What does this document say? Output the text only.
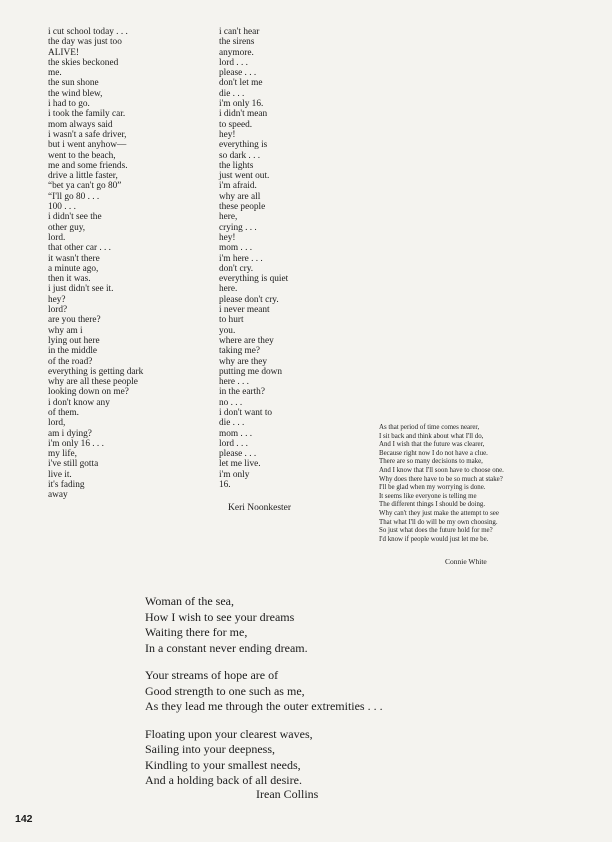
i cut school today . . .
the day was just too
ALIVE!
the skies beckoned
me.
the sun shone
the wind blew,
i had to go.
i took the family car.
mom always said
i wasn't a safe driver,
but i went anyhow—
went to the beach,
me and some friends.
drive a little faster,
“bet ya can't go 80”
“I'll go 80 . . .
100 . . .
i didn't see the
other guy,
lord.
that other car . . .
it wasn't there
a minute ago,
then it was.
i just didn't see it.
hey?
lord?
are you there?
why am i
lying out here
in the middle
of the road?
everything is getting dark
why are all these people
looking down on me?
i don't know any
of them.
lord,
am i dying?
i'm only 16 . . .
my life,
i've still gotta
live it.
it's fading
away
i can't hear
the sirens
anymore.
lord . . .
please . . .
don't let me
die . . .
i'm only 16.
i didn't mean
to speed.
hey!
everything is
so dark . . .
the lights
just went out.
i'm afraid.
why are all
these people
here,
crying . . .
hey!
mom . . .
i'm here . . .
don't cry.
everything is quiet
here.
please don't cry.
i never meant
to hurt
you.
where are they
taking me?
why are they
putting me down
here . . .
in the earth?
no . . .
i don't want to
die . . .
mom . . .
lord . . .
please . . .
let me live.
i'm only
16.
Keri Noonkester
As that period of time comes nearer,
I sit back and think about what I'll do,
And I wish that the future was clearer,
Because right now I do not have a clue.
There are so many decisions to make,
And I know that I'll soon have to choose one.
Why does there have to be so much at stake?
I'll be glad when my worrying is done.
It seems like everyone is telling me
The different things I should be doing.
Why can't they just make the attempt to see
That what I'll do will be my own choosing.
So just what does the future hold for me?
I'd know if people would just let me be.
Connie White
Woman of the sea,
How I wish to see your dreams
Waiting there for me,
In a constant never ending dream.
Your streams of hope are of
Good strength to one such as me,
As they lead me through the outer extremities . . .
Floating upon your clearest waves,
Sailing into your deepness,
Kindling to your smallest needs,
And a holding back of all desire.
Irean Collins
142
